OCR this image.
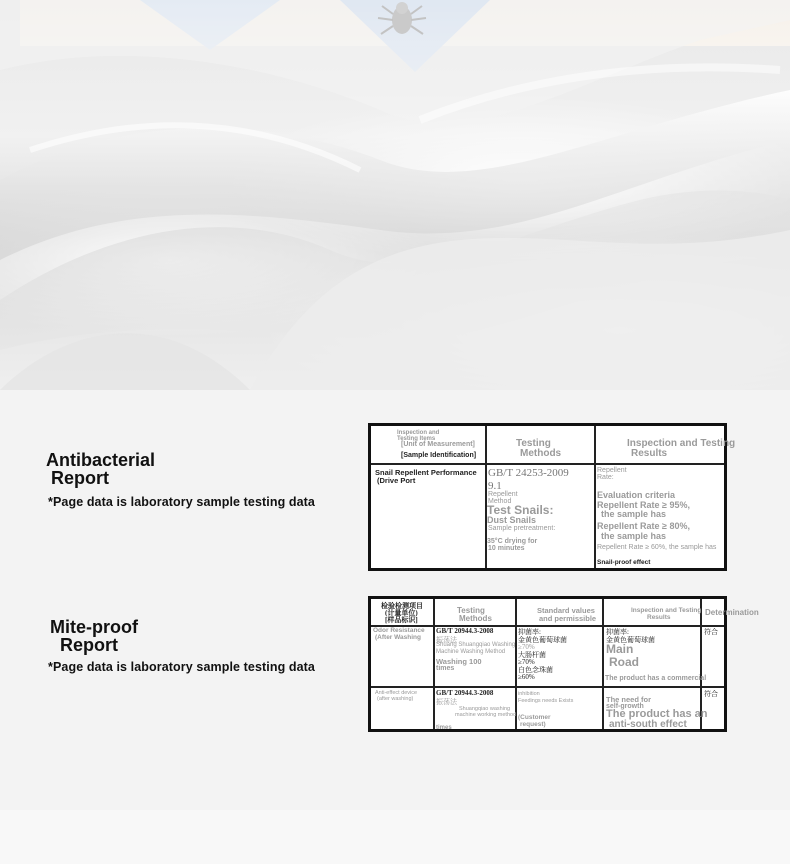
Antibacterial
Report
*Page data is laboratory sample testing data
Inspection and
Testing Items
[Unit of Measurement]
[Sample Identification]
Testing
Methods
Inspection and Testing
Results
Snail Repellent Performance
(Drive Port
GB/T 24253-2009
9.1
Repellent
Method
Test Snails:
Dust Snails
Sample pretreatment:
35°C drying for
10 minutes
Repellent
Rate:
Evaluation criteria
Repellent Rate ≥ 95%,
the sample has
Repellent Rate ≥ 80%,
the sample has
Repellent Rate ≥ 60%, the sample has
Snail-proof effect
Mite-proof
Report
*Page data is laboratory sample testing data
检验检测项目
(计量单位)
[样品标识]
Testing
Methods
Standard values
and permissible
Inspection and Testing
Results
Determination
Odor Resistance
(After Washing
GB/T 20944.3-2008
振荡法
Shuang Shuangqiao Washing
Machine Washing Method
Washing 100
times
抑菌率:
金黄色葡萄球菌
≥70%
大肠杆菌
≥70%
白色念珠菌
≥60%
抑菌率:
金黄色葡萄球菌
Main
Road
The product has a commercial
符合
Anti-effect device
(after washing)
GB/T 20944.3-2008
振荡法
Shuangqiao washing
machine working method
times
inhibition
Feedings needs Exists
(Customer
request)
The need for
self-growth
The product has an
anti-south effect
符合
